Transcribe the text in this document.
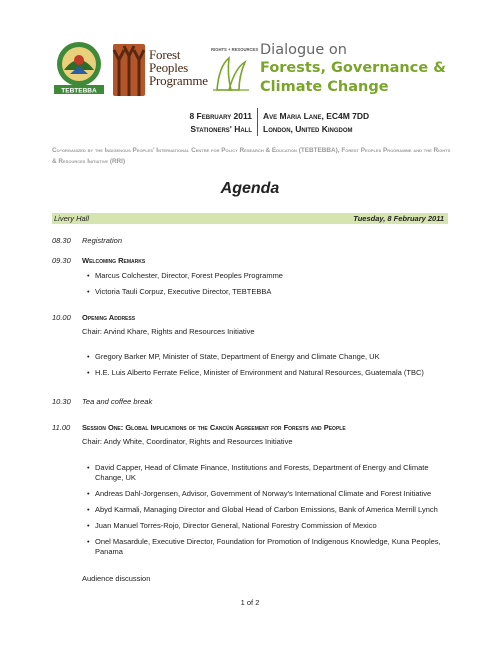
TEBTEBBA
Forest
Peoples
Programme
RIGHTS + RESOURCES Dialogue on
Forests, Governance &
Climate Change
8 February 2011
Stationers' Hall
Ave Maria Lane, EC4M 7DD
London, United Kingdom
Co-organized by the Indigenous Peoples' International Centre for Policy Research & Education (TEBTEBBA), Forest Peoples Programme and the Rights & Resources Initiative (RRI)
Agenda
Livery Hall	Tuesday, 8 February 2011
08.30 Registration
09.30 Welcoming Remarks
• Marcus Colchester, Director, Forest Peoples Programme
• Victoria Tauli Corpuz, Executive Director, TEBTEBBA
10.00 Opening Address
Chair: Arvind Khare, Rights and Resources Initiative
• Gregory Barker MP, Minister of State, Department of Energy and Climate Change, UK
• H.E. Luis Alberto Ferrate Felice, Minister of Environment and Natural Resources, Guatemala (TBC)
10.30 Tea and coffee break
11.00 Session One: Global Implications of the Cancún Agreement for Forests and People
Chair: Andy White, Coordinator, Rights and Resources Initiative
• David Capper, Head of Climate Finance, Institutions and Forests, Department of Energy and Climate Change, UK
• Andreas Dahl-Jorgensen, Advisor, Government of Norway's International Climate and Forest Initiative
• Abyd Karmali, Managing Director and Global Head of Carbon Emissions, Bank of America Merrill Lynch
• Juan Manuel Torres-Rojo, Director General, National Forestry Commission of Mexico
• Onel Masardule, Executive Director, Foundation for Promotion of Indigenous Knowledge, Kuna Peoples, Panama
Audience discussion
1 of 2
